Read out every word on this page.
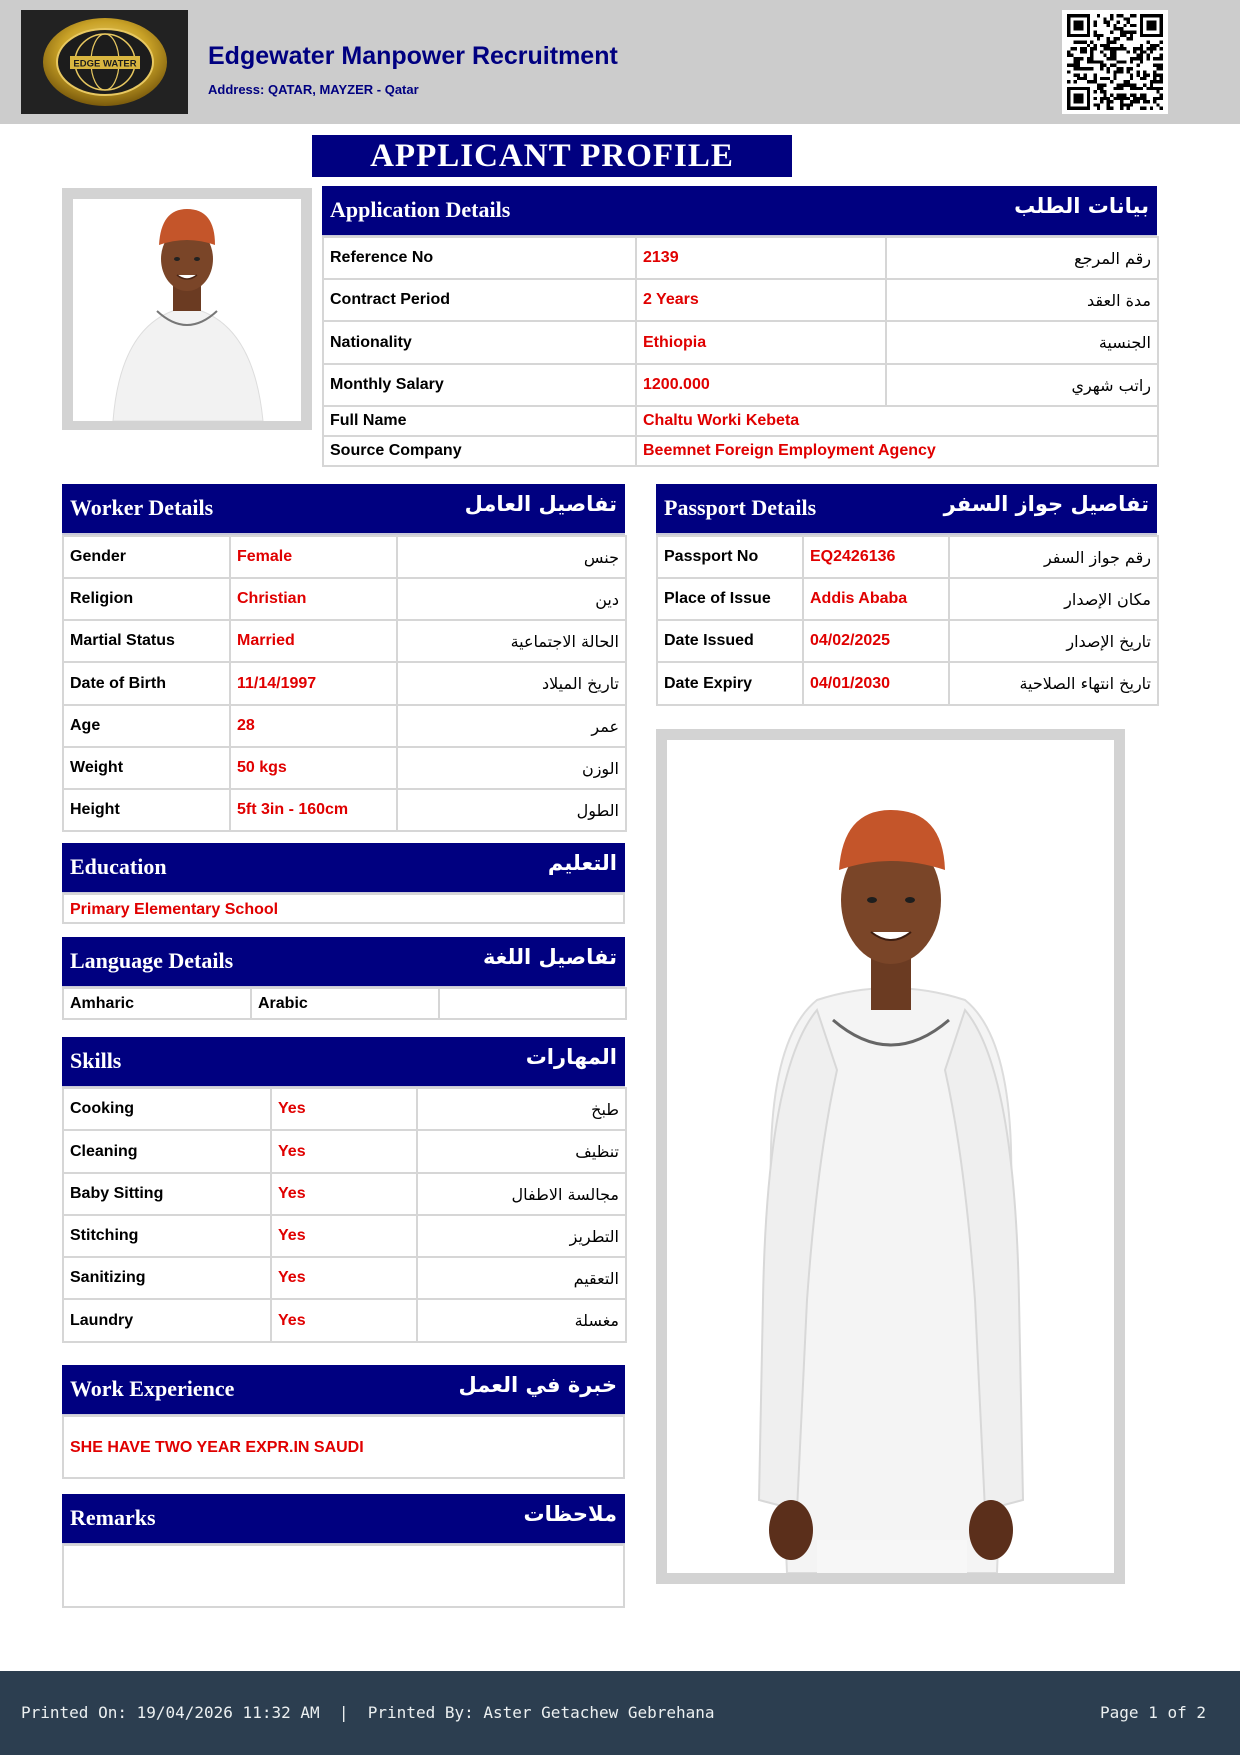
EDGE WATER	Edgewater Manpower Recruitment
Address: QATAR, MAYZER - Qatar
APPLICANT PROFILE
Application Details	بيانات الطلب
Reference No	2139	رقم المرجع
Contract Period	2 Years	مدة العقد
Nationality	Ethiopia	الجنسية
Monthly Salary	1200.000	راتب شهري
Full Name	Chaltu Worki Kebeta	
Source Company	Beemnet Foreign Employment Agency	
Worker Details	تفاصيل العامل
Gender	Female	جنس
Religion	Christian	دين
Martial Status	Married	الحالة الاجتماعية
Date of Birth	11/14/1997	تاريخ الميلاد
Age	28	عمر
Weight	50 kgs	الوزن
Height	5ft 3in - 160cm	الطول
Passport Details	تفاصيل جواز السفر
Passport No	EQ2426136	رقم جواز السفر
Place of Issue	Addis Ababa	مكان الإصدار
Date Issued	04/02/2025	تاريخ الإصدار
Date Expiry	04/01/2030	تاريخ انتهاء الصلاحية
Education	التعليم
Primary Elementary School
Language Details	تفاصيل اللغة
Amharic	Arabic	
Skills	المهارات
Cooking	Yes	طبخ
Cleaning	Yes	تنظيف
Baby Sitting	Yes	مجالسة الاطفال
Stitching	Yes	التطريز
Sanitizing	Yes	التعقيم
Laundry	Yes	مغسلة
Work Experience	خبرة في العمل
SHE HAVE TWO YEAR EXPR.IN SAUDI
Remarks	ملاحظات
Printed On: 19/04/2026 11:32 AM  |  Printed By: Aster Getachew Gebrehana	Page 1 of 2
